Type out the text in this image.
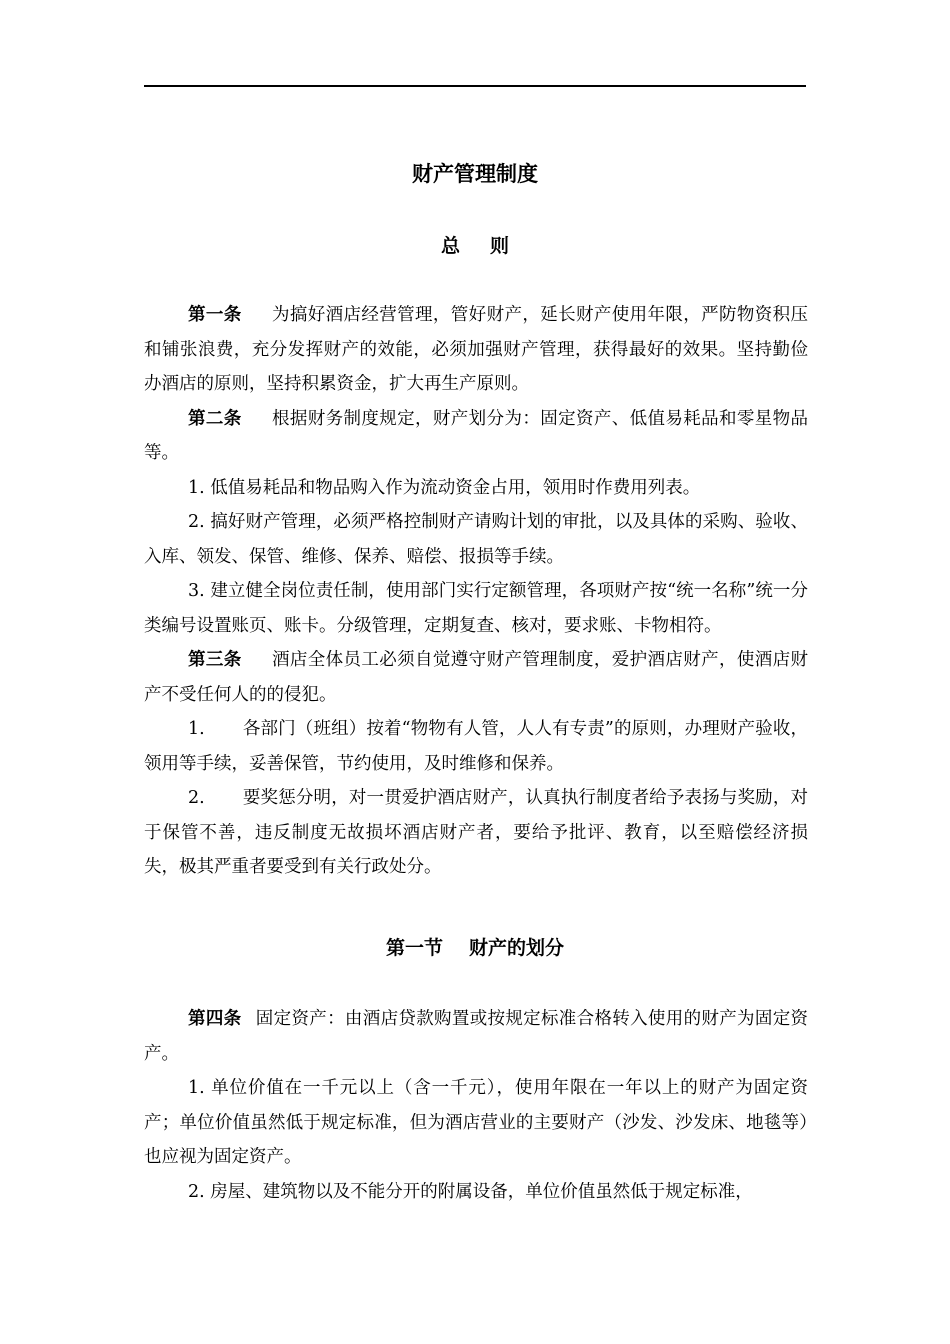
财产管理制度
总则

第一条 为搞好酒店经营管理，管好财产，延长财产使用年限，严防物资积压和铺张浪费，充分发挥财产的效能，必须加强财产管理，获得最好的效果。坚持勤俭办酒店的原则，坚持积累资金，扩大再生产原则。

第二条 根据财务制度规定，财产划分为：固定资产、低值易耗品和零星物品等。

1. 低值易耗品和物品购入作为流动资金占用，领用时作费用列表。

2. 搞好财产管理，必须严格控制财产请购计划的审批，以及具体的采购、验收、入库、领发、保管、维修、保养、赔偿、报损等手续。

3. 建立健全岗位责任制，使用部门实行定额管理，各项财产按“统一名称”统一分类编号设置账页、账卡。分级管理，定期复查、核对，要求账、卡物相符。

第三条 酒店全体员工必须自觉遵守财产管理制度，爱护酒店财产，使酒店财产不受任何人的的侵犯。

1. 各部门（班组）按着“物物有人管，人人有专责”的原则，办理财产验收，领用等手续，妥善保管，节约使用，及时维修和保养。

2. 要奖惩分明，对一贯爱护酒店财产，认真执行制度者给予表扬与奖励，对于保管不善，违反制度无故损坏酒店财产者，要给予批评、教育，以至赔偿经济损失，极其严重者要受到有关行政处分。

第一节 财产的划分

第四条 固定资产：由酒店贷款购置或按规定标准合格转入使用的财产为固定资产。

1. 单位价值在一千元以上（含一千元），使用年限在一年以上的财产为固定资产；单位价值虽然低于规定标准，但为酒店营业的主要财产（沙发、沙发床、地毯等）也应视为固定资产。

2. 房屋、建筑物以及不能分开的附属设备，单位价值虽然低于规定标准，
